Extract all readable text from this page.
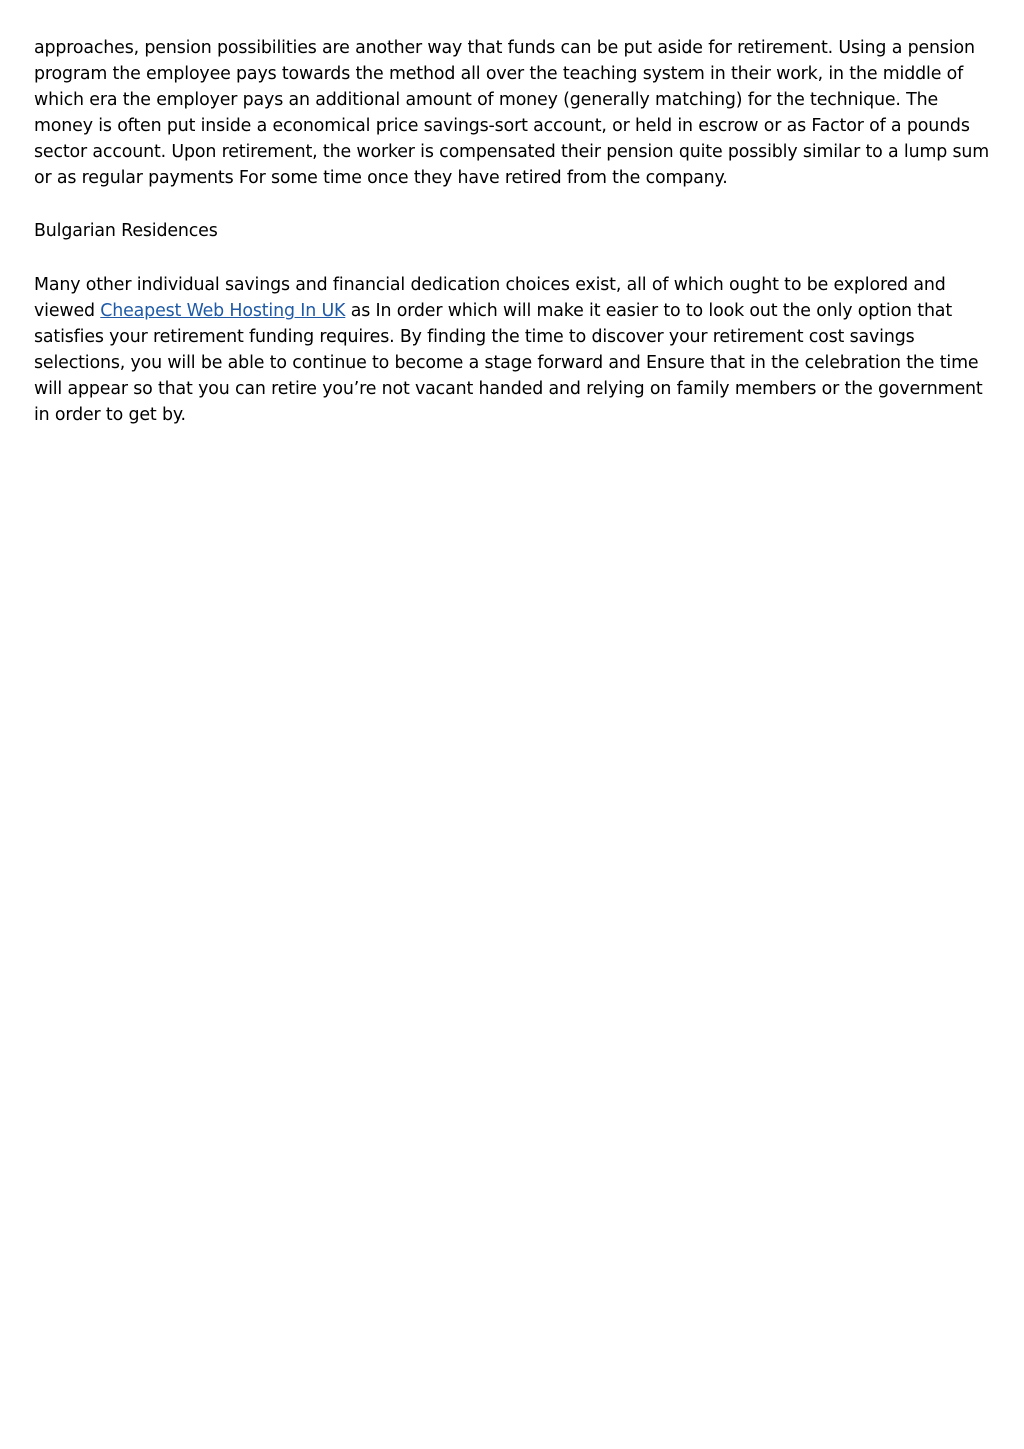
approaches, pension possibilities are another way that funds can be put aside for retirement. Using a pension program the employee pays towards the method all over the teaching system in their work, in the middle of which era the employer pays an additional amount of money (generally matching) for the technique. The money is often put inside a economical price savings-sort account, or held in escrow or as Factor of a pounds sector account. Upon retirement, the worker is compensated their pension quite possibly similar to a lump sum or as regular payments For some time once they have retired from the company.

Bulgarian Residences

Many other individual savings and financial dedication choices exist, all of which ought to be explored and viewed Cheapest Web Hosting In UK as In order which will make it easier to to look out the only option that satisfies your retirement funding requires. By finding the time to discover your retirement cost savings selections, you will be able to continue to become a stage forward and Ensure that in the celebration the time will appear so that you can retire you’re not vacant handed and relying on family members or the government in order to get by.
